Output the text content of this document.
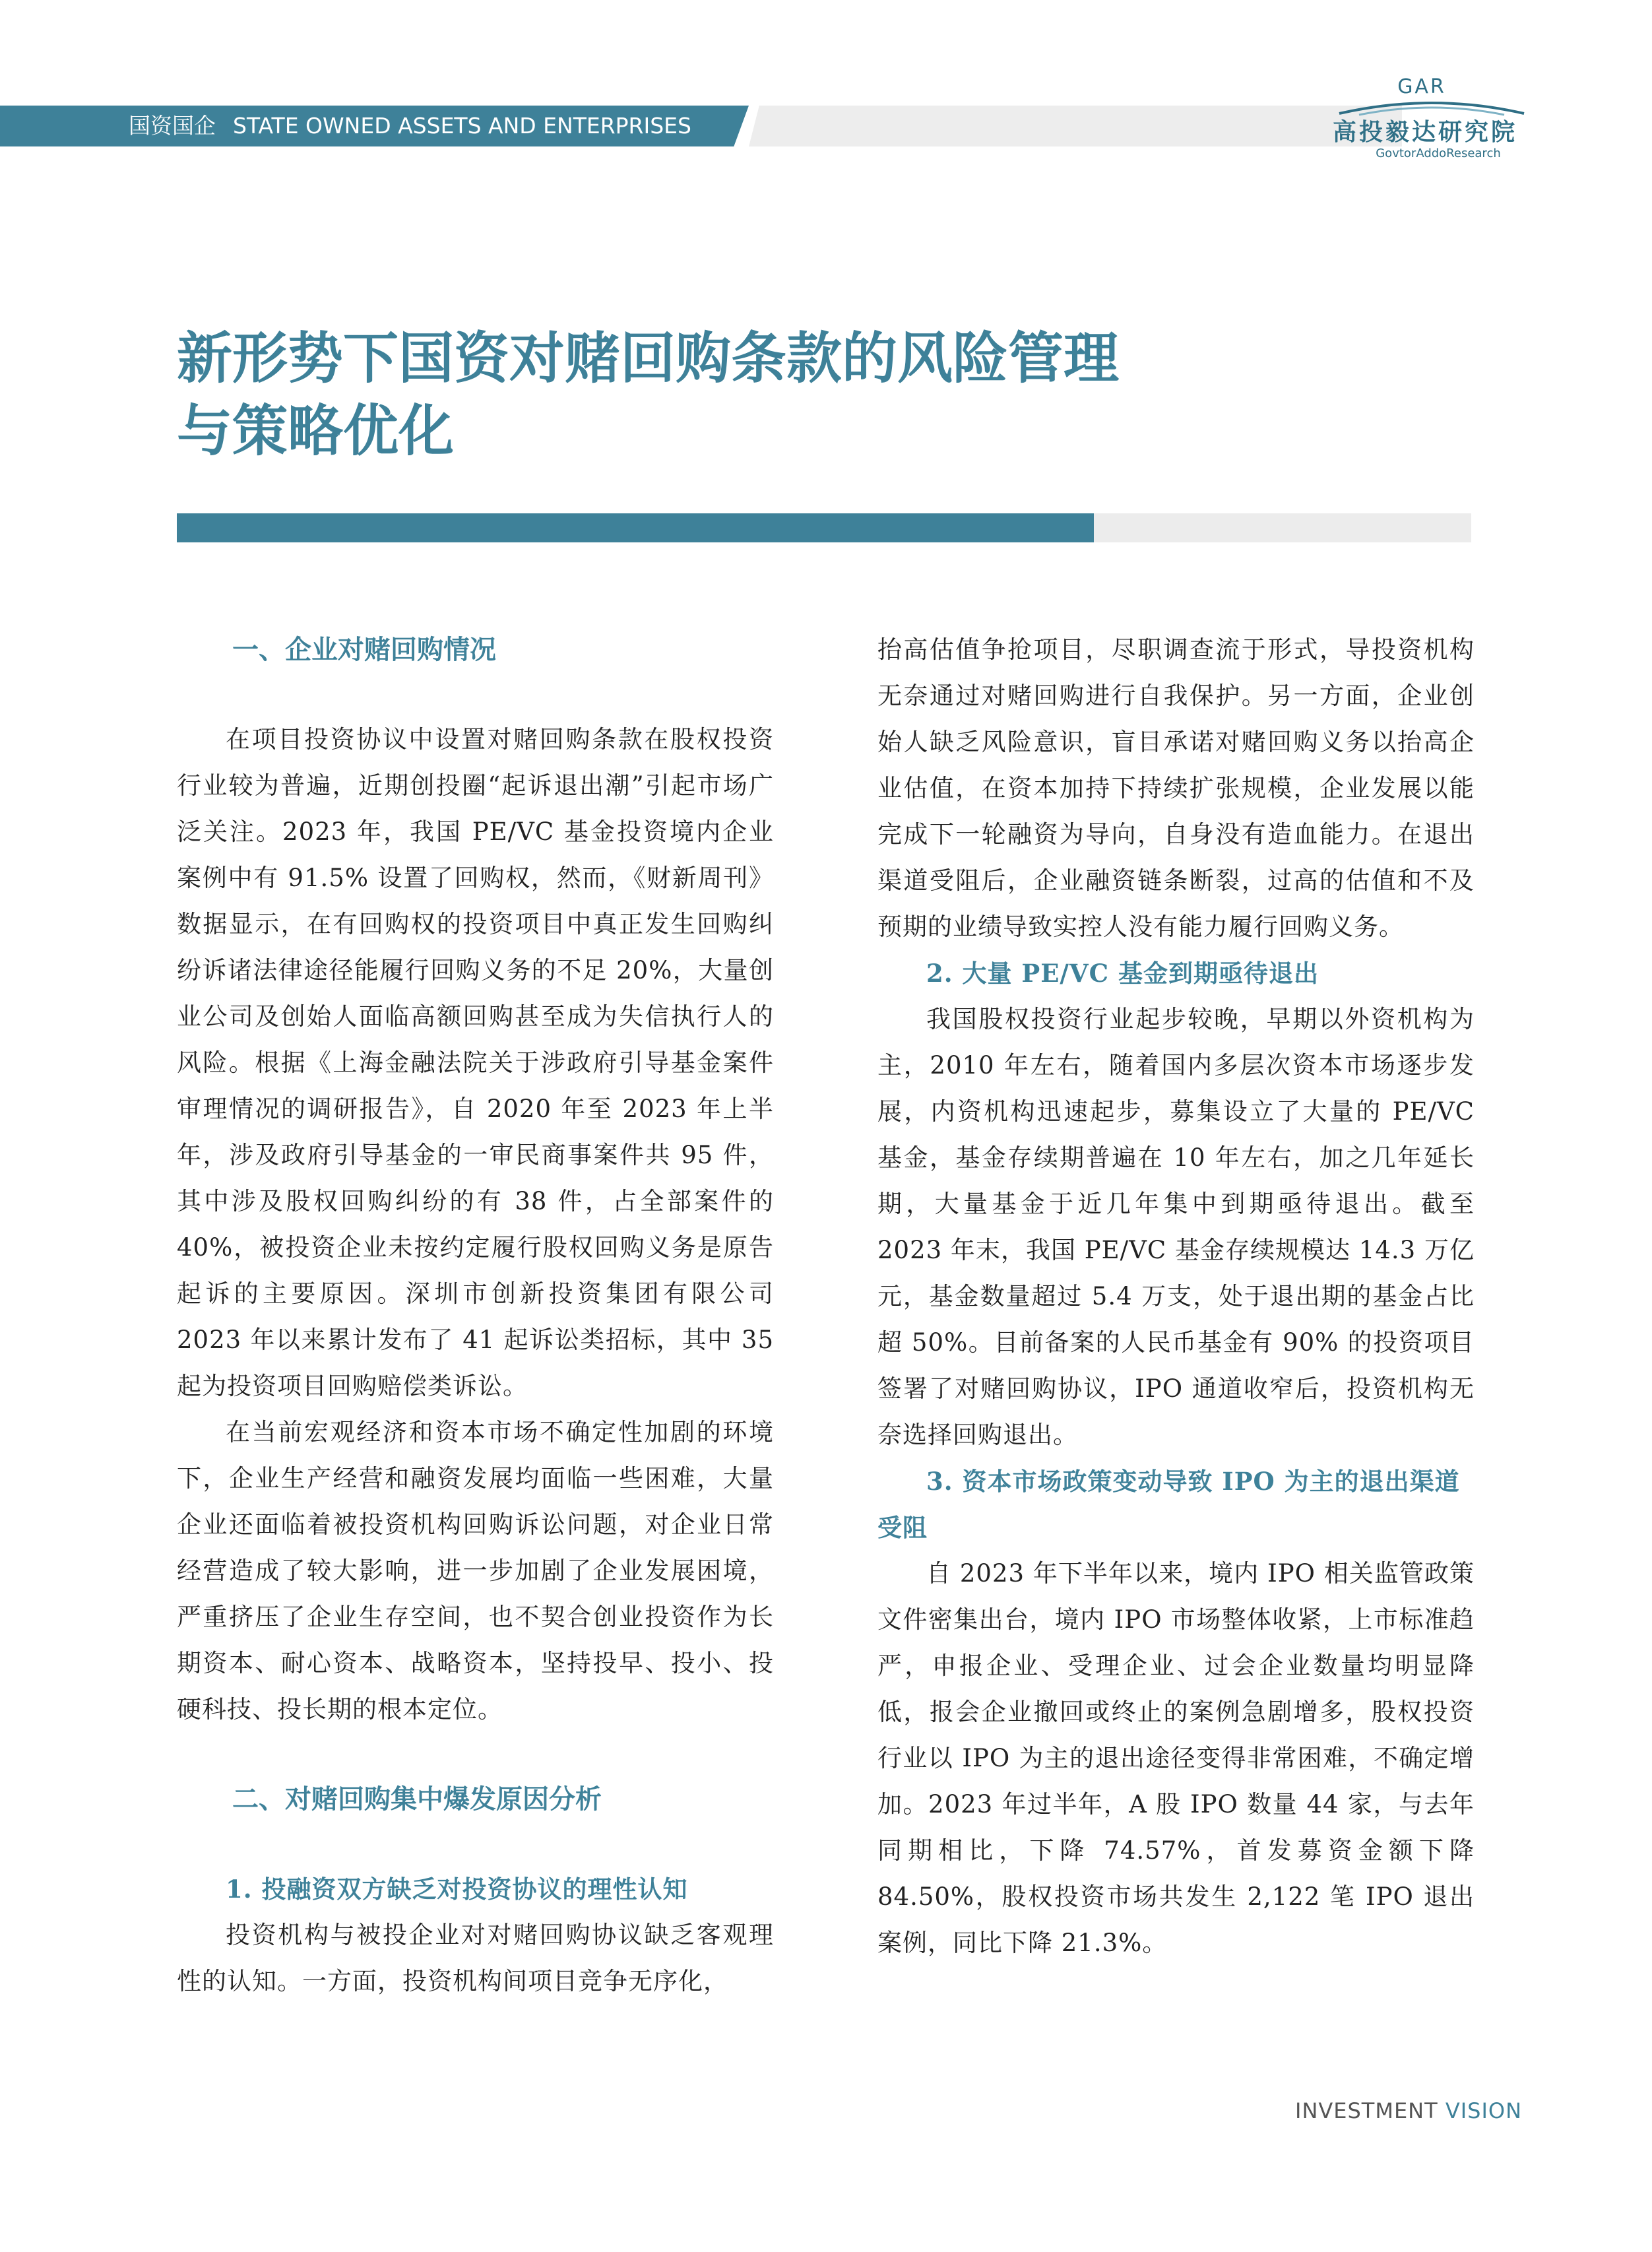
国资国企 STATE OWNED ASSETS AND ENTERPRISES
GAR
高投毅达研究院
GovtorAddoResearch
新形势下国资对赌回购条款的风险管理
与策略优化

一、企业对赌回购情况

在项目投资协议中设置对赌回购条款在股权投资行业较为普遍，近期创投圈“起诉退出潮”引起市场广泛关注。2023 年，我国 PE/VC 基金投资境内企业案例中有 91.5% 设置了回购权，然而，《财新周刊》数据显示，在有回购权的投资项目中真正发生回购纠纷诉诸法律途径能履行回购义务的不足 20%，大量创业公司及创始人面临高额回购甚至成为失信执行人的风险。根据《上海金融法院关于涉政府引导基金案件审理情况的调研报告》，自 2020 年至 2023 年上半年，涉及政府引导基金的一审民商事案件共 95 件，其中涉及股权回购纠纷的有 38 件，占全部案件的 40%，被投资企业未按约定履行股权回购义务是原告起诉的主要原因。深圳市创新投资集团有限公司 2023 年以来累计发布了 41 起诉讼类招标，其中 35 起为投资项目回购赔偿类诉讼。

在当前宏观经济和资本市场不确定性加剧的环境下，企业生产经营和融资发展均面临一些困难，大量企业还面临着被投资机构回购诉讼问题，对企业日常经营造成了较大影响，进一步加剧了企业发展困境，严重挤压了企业生存空间，也不契合创业投资作为长期资本、耐心资本、战略资本，坚持投早、投小、投硬科技、投长期的根本定位。

二、对赌回购集中爆发原因分析

1. 投融资双方缺乏对投资协议的理性认知

投资机构与被投企业对对赌回购协议缺乏客观理性的认知。一方面，投资机构间项目竞争无序化，

抬高估值争抢项目，尽职调查流于形式，导投资机构无奈通过对赌回购进行自我保护。另一方面，企业创始人缺乏风险意识，盲目承诺对赌回购义务以抬高企业估值，在资本加持下持续扩张规模，企业发展以能完成下一轮融资为导向，自身没有造血能力。在退出渠道受阻后，企业融资链条断裂，过高的估值和不及预期的业绩导致实控人没有能力履行回购义务。

2. 大量 PE/VC 基金到期亟待退出

我国股权投资行业起步较晚，早期以外资机构为主，2010 年左右，随着国内多层次资本市场逐步发展，内资机构迅速起步，募集设立了大量的 PE/VC 基金，基金存续期普遍在 10 年左右，加之几年延长期，大量基金于近几年集中到期亟待退出。截至 2023 年末，我国 PE/VC 基金存续规模达 14.3 万亿元，基金数量超过 5.4 万支，处于退出期的基金占比超 50%。目前备案的人民币基金有 90% 的投资项目签署了对赌回购协议，IPO 通道收窄后，投资机构无奈选择回购退出。

3. 资本市场政策变动导致 IPO 为主的退出渠道受阻

自 2023 年下半年以来，境内 IPO 相关监管政策文件密集出台，境内 IPO 市场整体收紧，上市标准趋严，申报企业、受理企业、过会企业数量均明显降低，报会企业撤回或终止的案例急剧增多，股权投资行业以 IPO 为主的退出途径变得非常困难，不确定增加。2023 年过半年，A 股 IPO 数量 44 家，与去年同期相比，下降 74.57%，首发募资金额下降 84.50%，股权投资市场共发生 2,122 笔 IPO 退出案例，同比下降 21.3%。

INVESTMENT VISION
